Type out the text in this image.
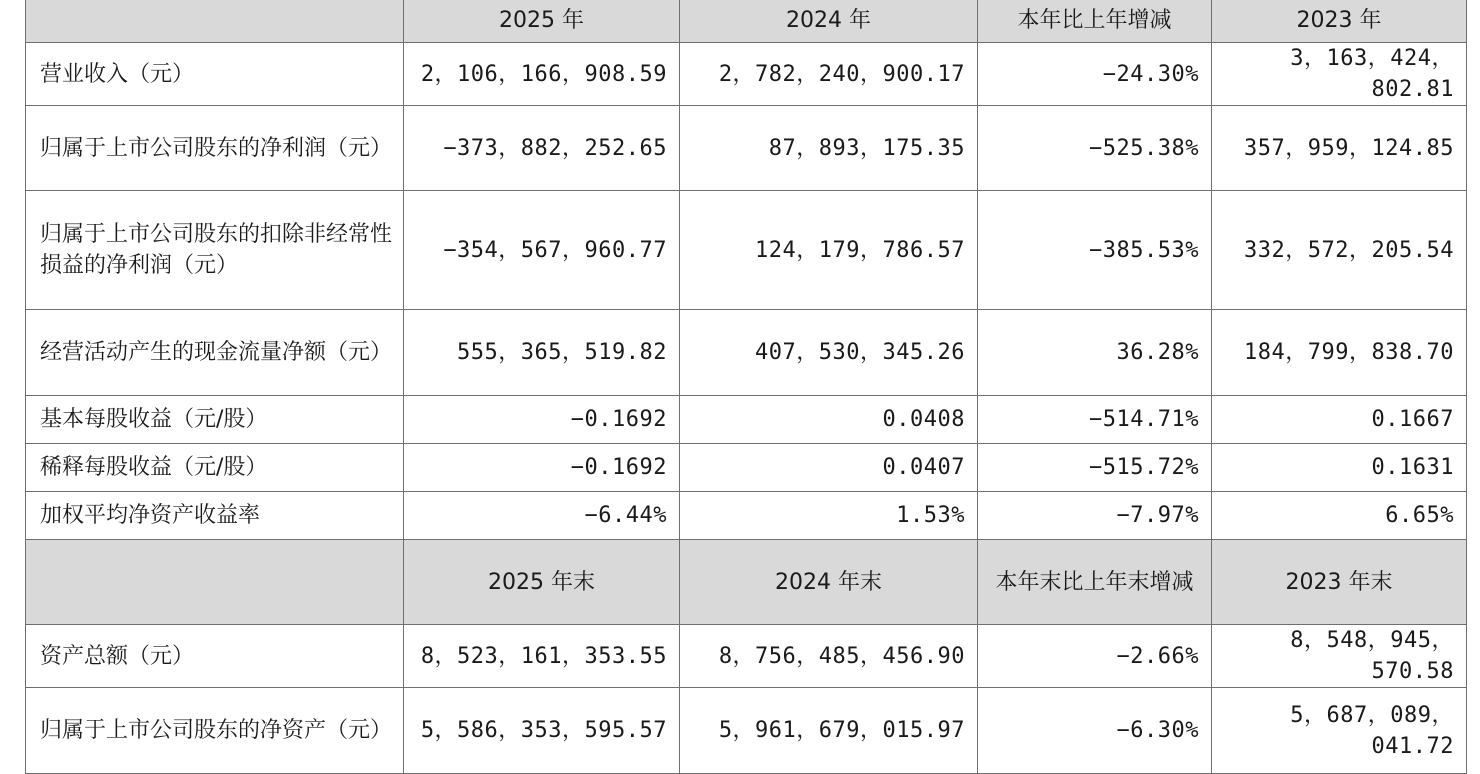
	2025 年	2024 年	本年比上年增减	2023 年
营业收入（元）	2，106，166，908.59	2，782，240，900.17	−24.30%	3，163，424，802.81
归属于上市公司股东的净利润（元）	−373，882，252.65	87，893，175.35	−525.38%	357，959，124.85
归属于上市公司股东的扣除非经常性损益的净利润（元）	−354，567，960.77	124，179，786.57	−385.53%	332，572，205.54
经营活动产生的现金流量净额（元）	555，365，519.82	407，530，345.26	36.28%	184，799，838.70
基本每股收益（元/股）	−0.1692	0.0408	−514.71%	0.1667
稀释每股收益（元/股）	−0.1692	0.0407	−515.72%	0.1631
加权平均净资产收益率	−6.44%	1.53%	−7.97%	6.65%
	2025 年末	2024 年末	本年末比上年末增减	2023 年末
资产总额（元）	8，523，161，353.55	8，756，485，456.90	−2.66%	8，548，945，570.58
归属于上市公司股东的净资产（元）	5，586，353，595.57	5，961，679，015.97	−6.30%	5，687，089，041.72
